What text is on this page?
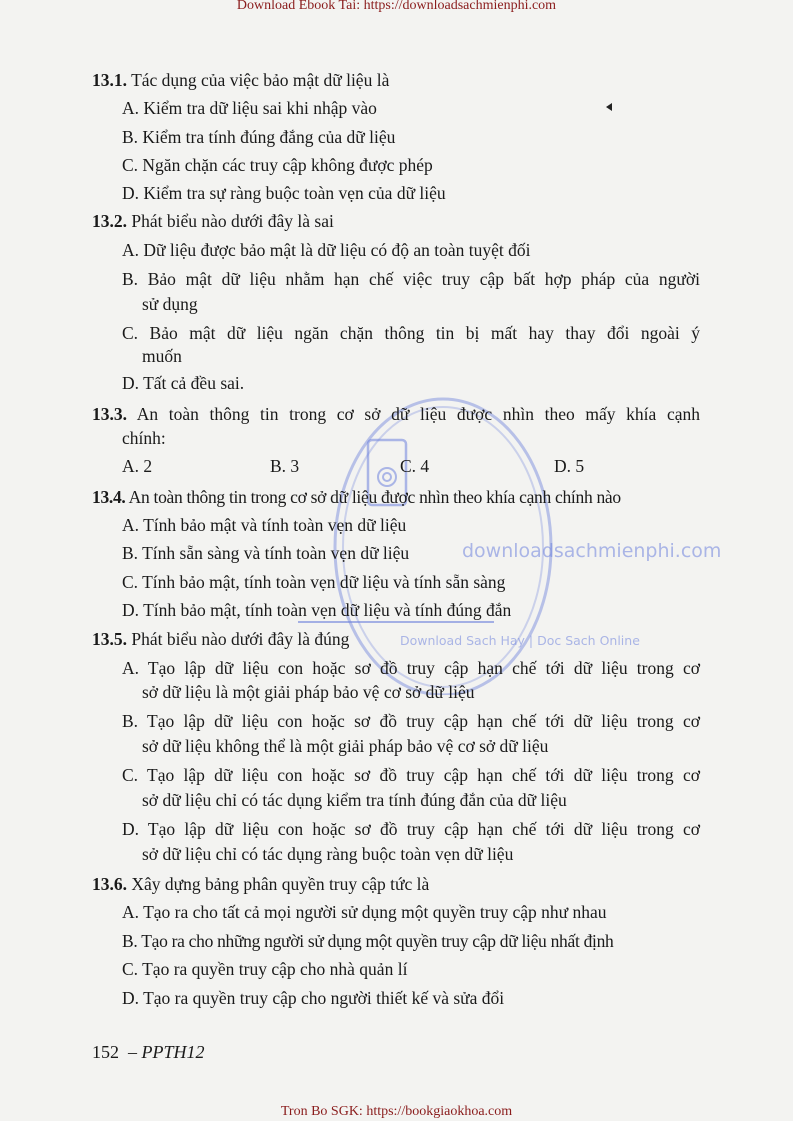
Download Ebook Tai: https://downloadsachmienphi.com
downloadsachmienphi.com
Download Sach Hay | Doc Sach Online
13.1. Tác dụng của việc bảo mật dữ liệu là
A. Kiểm tra dữ liệu sai khi nhập vào
B. Kiểm tra tính đúng đắng của dữ liệu
C. Ngăn chặn các truy cập không được phép
D. Kiểm tra sự ràng buộc toàn vẹn của dữ liệu
13.2. Phát biểu nào dưới đây là sai
A. Dữ liệu được bảo mật là dữ liệu có độ an toàn tuyệt đối
B. Bảo mật dữ liệu nhằm hạn chế việc truy cập bất hợp pháp của người
sử dụng
C. Bảo mật dữ liệu ngăn chặn thông tin bị mất hay thay đổi ngoài ý
muốn
D. Tất cả đều sai.
13.3. An toàn thông tin trong cơ sở dữ liệu được nhìn theo mấy khía cạnh
chính:
A. 2	B. 3	C. 4	D. 5
13.4. An toàn thông tin trong cơ sở dữ liệu được nhìn theo khía cạnh chính nào
A. Tính bảo mật và tính toàn vẹn dữ liệu
B. Tính sẵn sàng và tính toàn vẹn dữ liệu
C. Tính bảo mật, tính toàn vẹn dữ liệu và tính sẵn sàng
D. Tính bảo mật, tính toàn vẹn dữ liệu và tính đúng đắn
13.5. Phát biểu nào dưới đây là đúng
A. Tạo lập dữ liệu con hoặc sơ đồ truy cập hạn chế tới dữ liệu trong cơ
sở dữ liệu là một giải pháp bảo vệ cơ sở dữ liệu
B. Tạo lập dữ liệu con hoặc sơ đồ truy cập hạn chế tới dữ liệu trong cơ
sở dữ liệu không thể là một giải pháp bảo vệ cơ sở dữ liệu
C. Tạo lập dữ liệu con hoặc sơ đồ truy cập hạn chế tới dữ liệu trong cơ
sở dữ liệu chỉ có tác dụng kiểm tra tính đúng đắn của dữ liệu
D. Tạo lập dữ liệu con hoặc sơ đồ truy cập hạn chế tới dữ liệu trong cơ
sở dữ liệu chỉ có tác dụng ràng buộc toàn vẹn dữ liệu
13.6. Xây dựng bảng phân quyền truy cập tức là
A. Tạo ra cho tất cả mọi người sử dụng một quyền truy cập như nhau
B. Tạo ra cho những người sử dụng một quyền truy cập dữ liệu nhất định
C. Tạo ra quyền truy cập cho nhà quản lí
D. Tạo ra quyền truy cập cho người thiết kế và sửa đổi
152 – PPTH12
Tron Bo SGK: https://bookgiaokhoa.com
